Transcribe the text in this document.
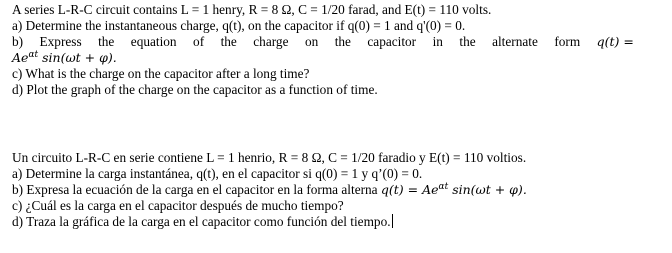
A series L-R-C circuit contains L = 1 henry, R = 8 Ω, C = 1/20 farad, and E(t) = 110 volts.
a) Determine the instantaneous charge, q(t), on the capacitor if q(0) = 1 and q'(0) = 0.
b) Express the equation of the charge on the capacitor in the alternate form q(t) =
$Ae^{\alpha t}$ sin(ωt + φ).
c) What is the charge on the capacitor after a long time?
d) Plot the graph of the charge on the capacitor as a function of time.
Un circuito L-R-C en serie contiene L = 1 henrio, R = 8 Ω, C = 1/20 faradio y E(t) = 110 voltios.
a) Determine la carga instantánea, q(t), en el capacitor si q(0) = 1 y q’(0) = 0.
b) Expresa la ecuación de la carga en el capacitor en la forma alterna $q(t) = Ae^{\alpha t}$ sin(ωt + φ).
c) ¿Cuál es la carga en el capacitor después de mucho tiempo?
d) Traza la gráfica de la carga en el capacitor como función del tiempo.
